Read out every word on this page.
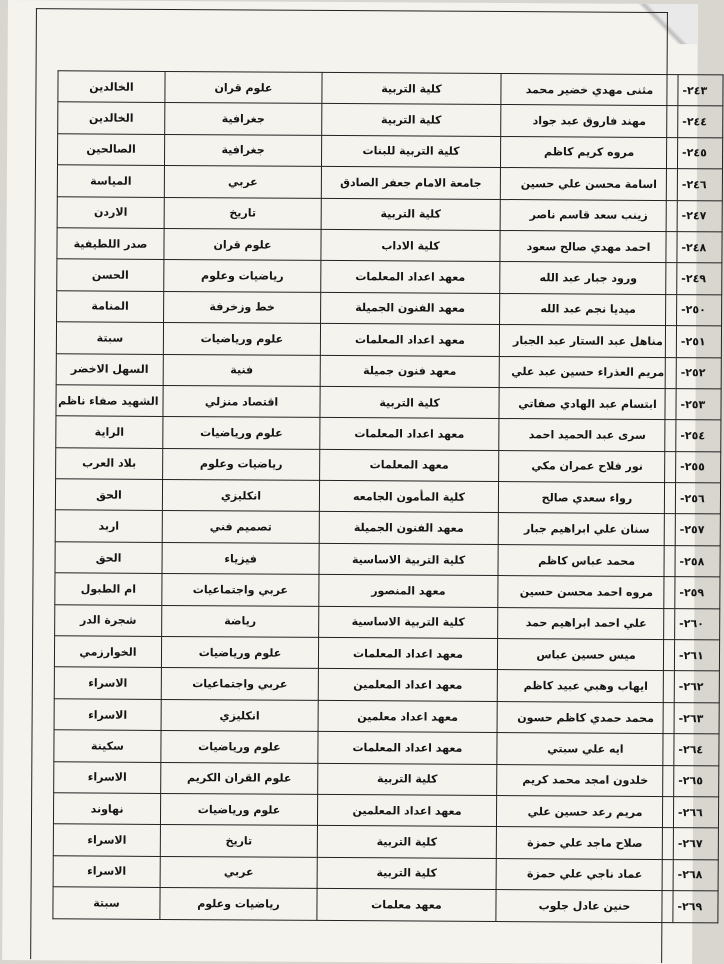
-٢٤٣	مثنى مهدي خضير محمد	كلية التربية	علوم قران	الخالدين
-٢٤٤	مهند فاروق عبد جواد	كلية التربية	جغرافية	الخالدين
-٢٤٥	مروه كريم كاظم	كلية التربية للبنات	جغرافية	الصالحين
-٢٤٦	اسامة محسن علي حسين	جامعة الامام جعفر الصادق	عربي	المياسة
-٢٤٧	زينب سعد قاسم ناصر	كلية التربية	تاريخ	الاردن
-٢٤٨	احمد مهدي صالح سعود	كلية الاداب	علوم قران	صدر اللطيفية
-٢٤٩	ورود جبار عبد الله	معهد اعداد المعلمات	رياضيات وعلوم	الحسن
-٢٥٠	ميديا نجم عبد الله	معهد الفنون الجميلة	خط وزخرفة	المنامة
-٢٥١	مناهل عبد الستار عبد الجبار	معهد اعداد المعلمات	علوم ورياضيات	سبتة
-٢٥٢	مريم العذراء حسين عبد علي	معهد فنون جميلة	فنية	السهل الاخضر
-٢٥٣	ابتسام عبد الهادي صفاتي	كلية التربية	اقتصاد منزلي	الشهيد صفاء ناظم
-٢٥٤	سرى عبد الحميد احمد	معهد اعداد المعلمات	علوم ورياضيات	الراية
-٢٥٥	نور فلاح عمران مكي	معهد المعلمات	رياضيات وعلوم	بلاد العرب
-٢٥٦	رواء سعدي صالح	كلية المأمون الجامعه	انكليزي	الحق
-٢٥٧	سنان علي ابراهيم جبار	معهد الفنون الجميلة	تصميم فني	اربد
-٢٥٨	محمد عباس كاظم	كلية التربية الاساسية	فيزياء	الحق
-٢٥٩	مروه احمد محسن حسين	معهد المنصور	عربي واجتماعيات	ام الطبول
-٢٦٠	علي احمد ابراهيم حمد	كلية التربية الاساسية	رياضة	شجرة الدر
-٢٦١	ميس حسين عباس	معهد اعداد المعلمات	علوم ورياضيات	الخوارزمي
-٢٦٢	ايهاب وهبي عبيد كاظم	معهد اعداد المعلمين	عربي واجتماعيات	الاسراء
-٢٦٣	محمد حمدي كاظم حسون	معهد اعداد معلمين	انكليزي	الاسراء
-٢٦٤	ايه علي سبتي	معهد اعداد المعلمات	علوم ورياضيات	سكينة
-٢٦٥	خلدون امجد محمد كريم	كلية التربية	علوم القران الكريم	الاسراء
-٢٦٦	مريم رعد حسين علي	معهد اعداد المعلمين	علوم ورياضيات	نهاوند
-٢٦٧	صلاح ماجد علي حمزة	كلية التربية	تاريخ	الاسراء
-٢٦٨	عماد ناجي علي حمزة	كلية التربية	عربي	الاسراء
-٢٦٩	حنين عادل جلوب	معهد معلمات	رياضيات وعلوم	سبتة
